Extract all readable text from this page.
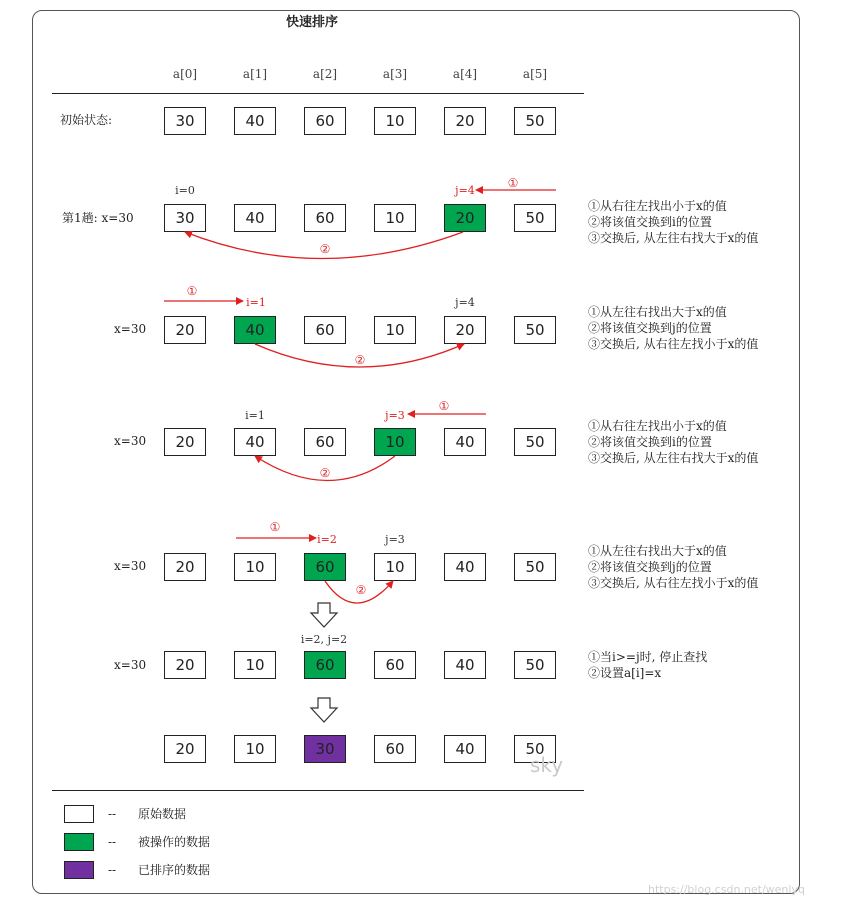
快速排序
a[0]	a[1]	a[2]	a[3]	a[4]	a[5]
初始状态:	30	40	60	10	20	50
第1趟: x=30	30	40	60	10	20	50
i=0	j=4
①
②
①从右往左找出小于x的值
②将该值交换到i的位置
③交换后, 从左往右找大于x的值
x=30	20	40	60	10	20	50
i=1	j=4
①
②
①从左往右找出大于x的值
②将该值交换到j的位置
③交换后, 从右往左找小于x的值
x=30	20	40	60	10	40	50
i=1	j=3
①
②
①从右往左找出小于x的值
②将该值交换到i的位置
③交换后, 从左往右找大于x的值
x=30	20	10	60	10	40	50
i=2	j=3
①
②
①从左往右找出大于x的值
②将该值交换到j的位置
③交换后, 从右往左找小于x的值
x=30	20	10	60	60	40	50
i=2, j=2
①当i>=j时, 停止查找
②设置a[i]=x
20	10	30	60	40	50
sky
-- 原始数据
-- 被操作的数据
-- 已排序的数据
https://blog.csdn.net/wenlyq
